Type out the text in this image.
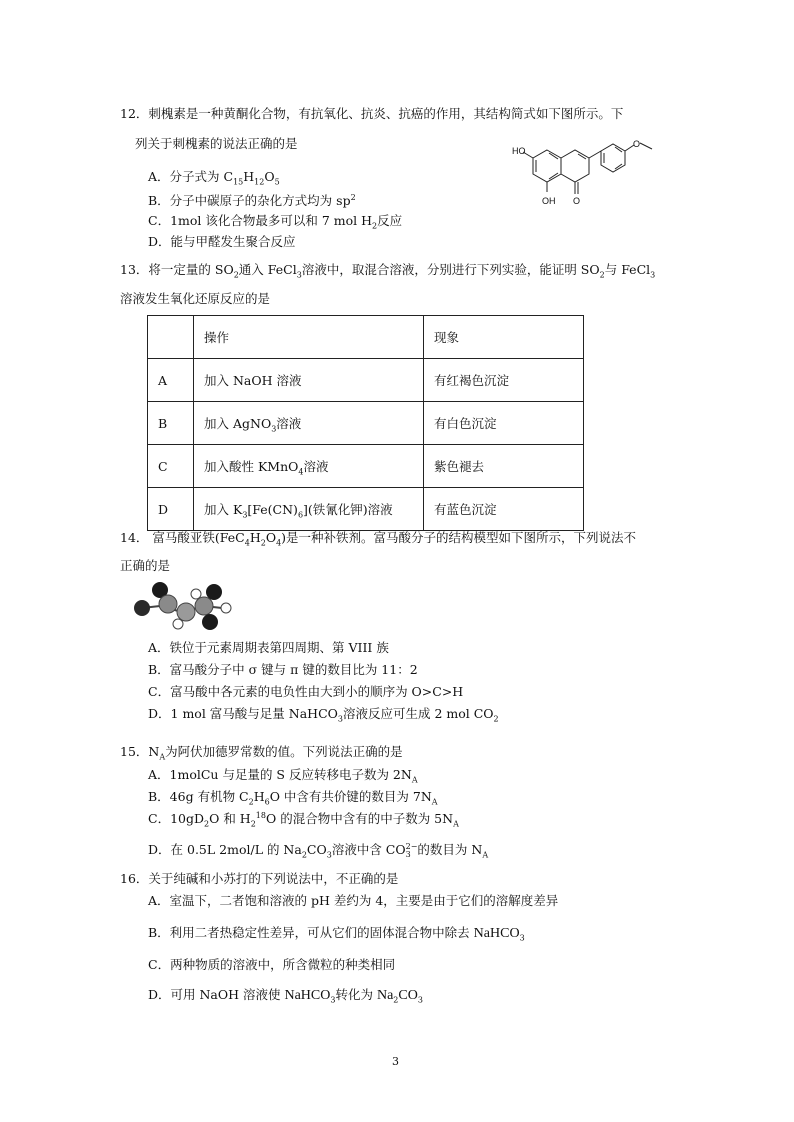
12．刺槐素是一种黄酮化合物，有抗氧化、抗炎、抗癌的作用，其结构简式如下图所示。下
列关于刺槐素的说法正确的是
A．分子式为 $C_{15}H_{12}O_5$
B．分子中碳原子的杂化方式均为 $sp^2$
C．1mol 该化合物最多可以和 7 mol $H_2$反应
D．能与甲醛发生聚合反应
HO
OH O
O
13．将一定量的 $SO_2$通入 FeCl$_3$溶液中，取混合溶液，分别进行下列实验，能证明 $SO_2$与 FeCl$_3$
溶液发生氧化还原反应的是
	操作	现象
A	加入 NaOH 溶液	有红褐色沉淀
B	加入 AgNO$_3$溶液	有白色沉淀
C	加入酸性 KMnO$_4$溶液	紫色褪去
D	加入 $K_3[Fe(CN)_6]$(铁氰化钾)溶液	有蓝色沉淀
14． 富马酸亚铁$(FeC_4H_2O_4)$是一种补铁剂。富马酸分子的结构模型如下图所示，下列说法不
正确的是
A．铁位于元素周期表第四周期、第 VIII 族
B．富马酸分子中 σ 键与 π 键的数目比为 11：2
C．富马酸中各元素的电负性由大到小的顺序为 O>C>H
D．1 mol 富马酸与足量 NaHCO$_3$溶液反应可生成 2 mol $CO_2$
15．$N_A$为阿伏加德罗常数的值。下列说法正确的是
A．1molCu 与足量的 S 反应转移电子数为 $2N_A$
B．46g 有机物 $C_2H_6O$ 中含有共价键的数目为 $7N_A$
C．$10gD_2O$ 和 $H_2^{18}O$ 的混合物中含有的中子数为 $5N_A$
D．在 0.5L 2mol/L 的 $Na_2CO_3$溶液中含 CO 2−
3 的数目为 $N_A$
16．关于纯碱和小苏打的下列说法中，不正确的是
A．室温下，二者饱和溶液的 pH 差约为 4，主要是由于它们的溶解度差异
B．利用二者热稳定性差异，可从它们的固体混合物中除去 NaHCO$_3$
C．两种物质的溶液中，所含微粒的种类相同
D．可用 NaOH 溶液使 NaHCO$_3$转化为 $Na_2CO_3$
3
